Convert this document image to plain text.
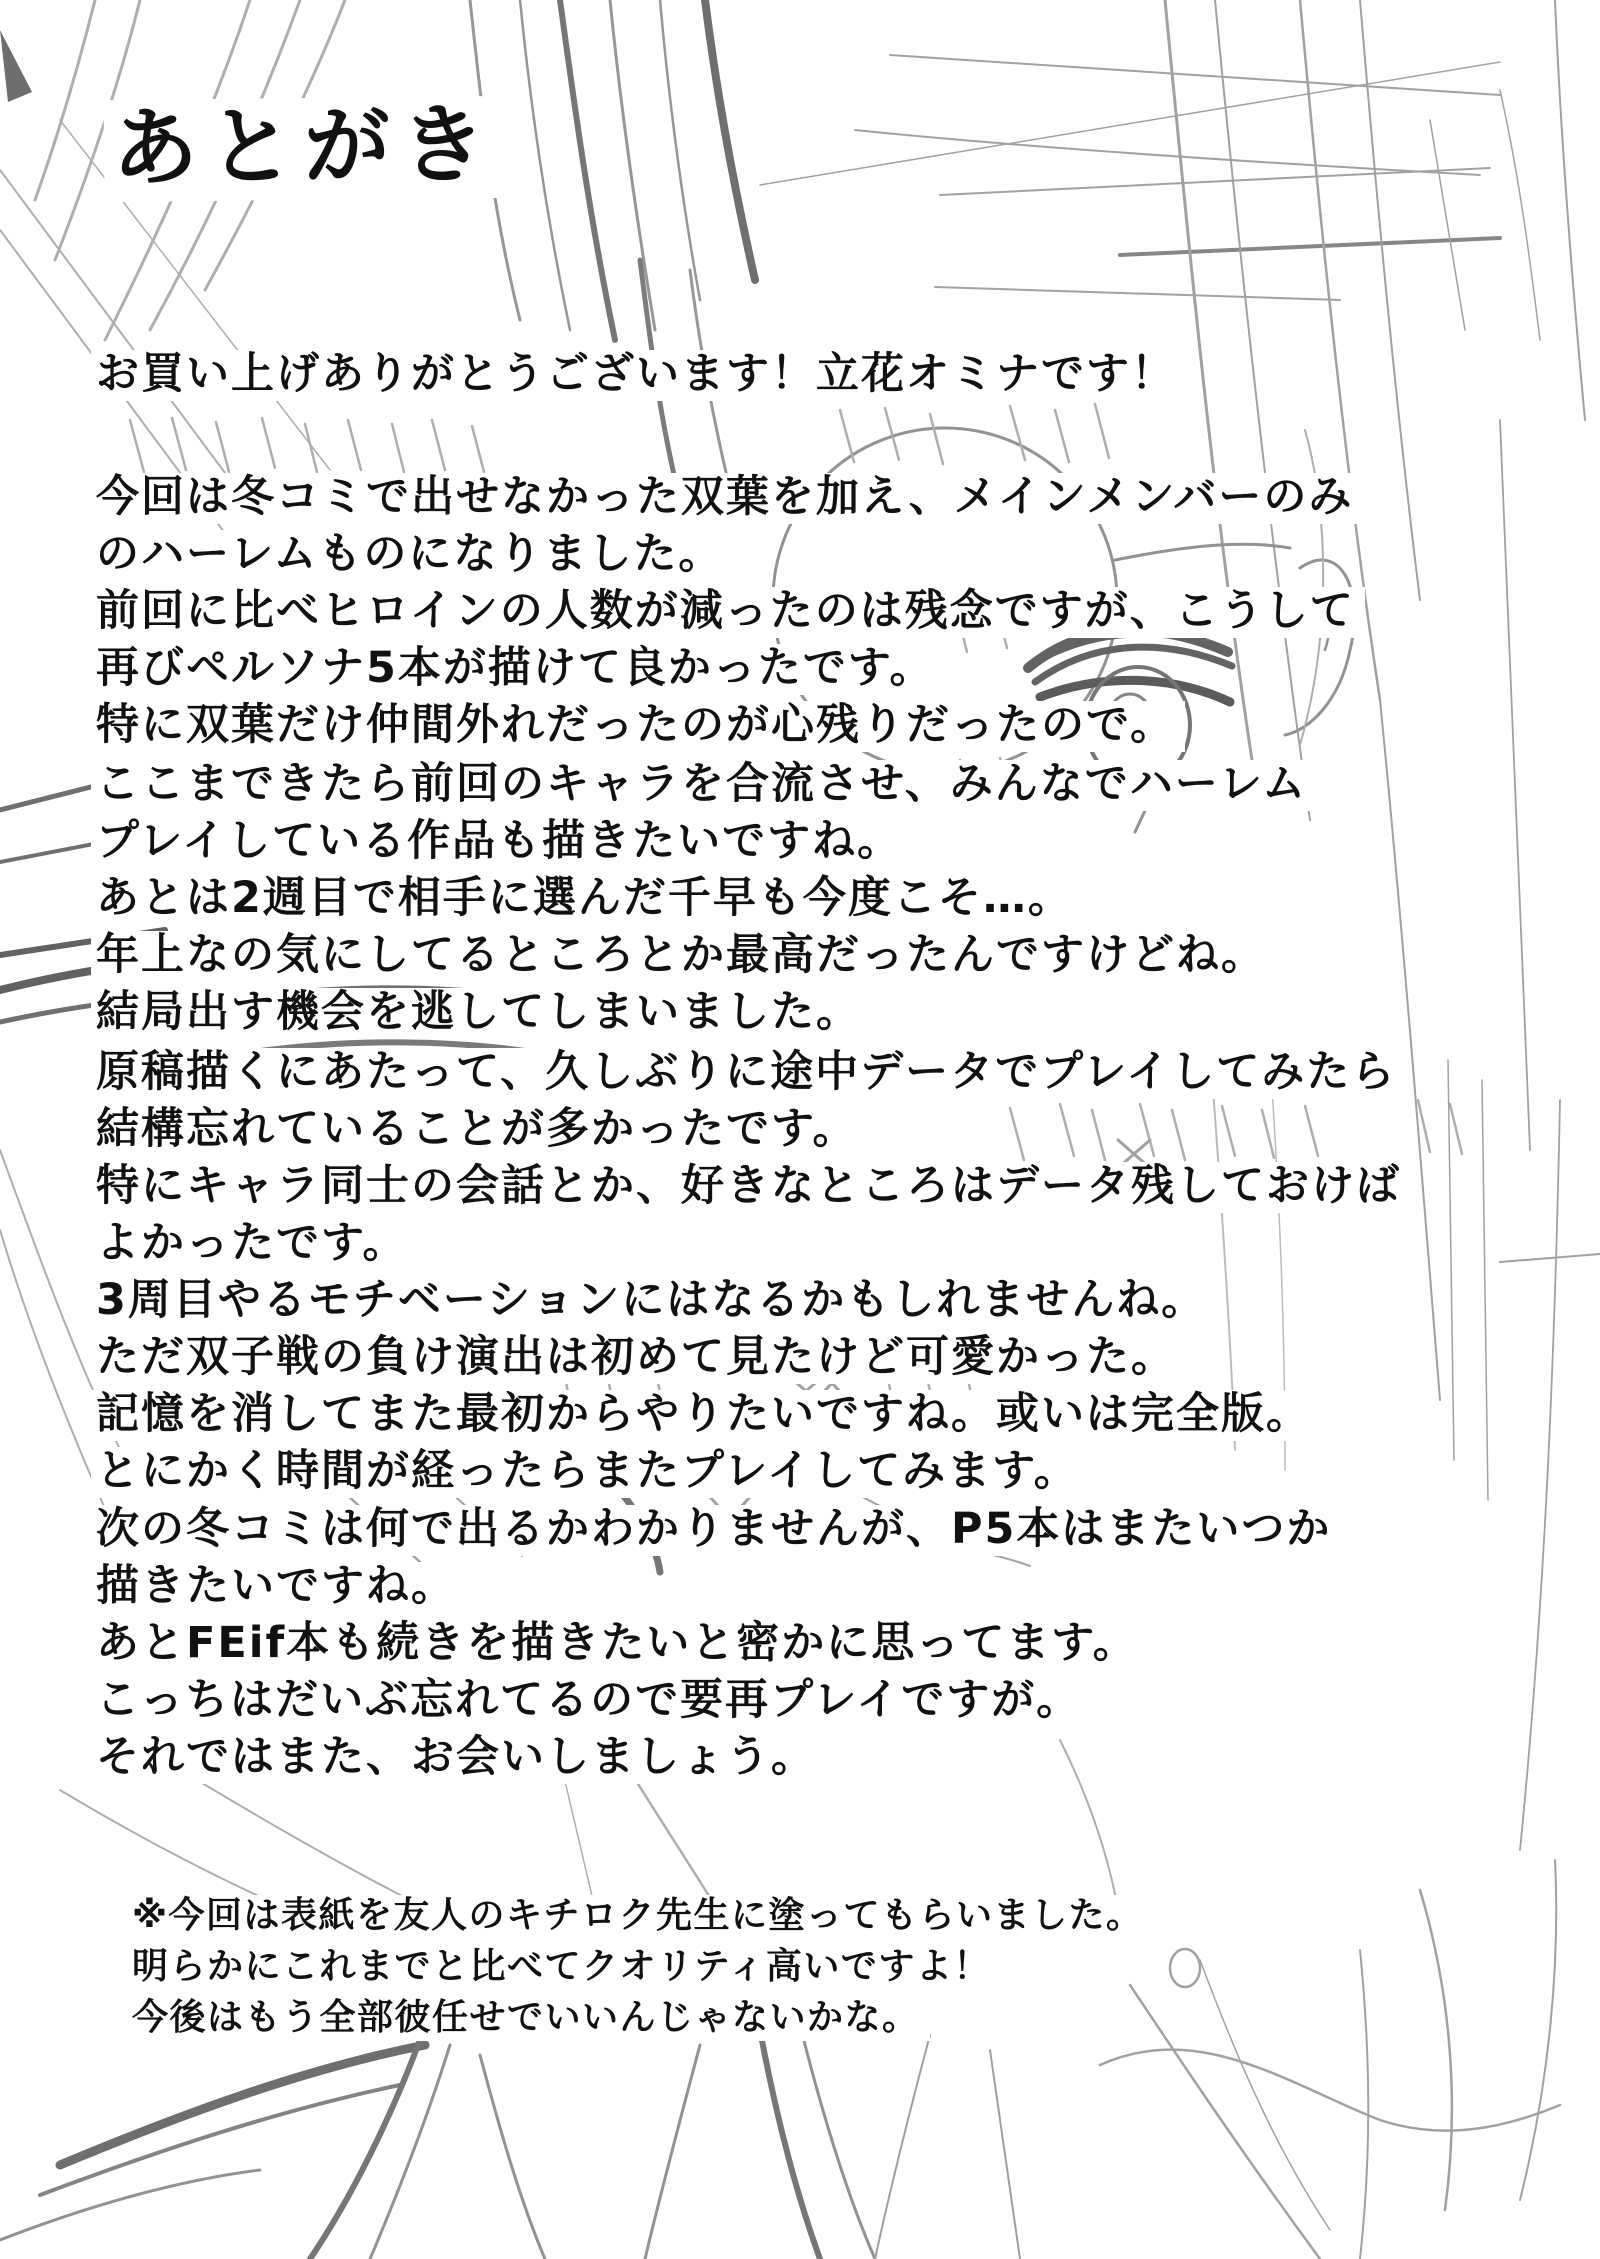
あとがき
お買い上げありがとうございます！立花オミナです！
今回は冬コミで出せなかった双葉を加え、メインメンバーのみ
のハーレムものになりました。
前回に比べヒロインの人数が減ったのは残念ですが、こうして
再びペルソナ5本が描けて良かったです。
特に双葉だけ仲間外れだったのが心残りだったので。
ここまできたら前回のキャラを合流させ、みんなでハーレム
プレイしている作品も描きたいですね。
あとは2週目で相手に選んだ千早も今度こそ…。
年上なの気にしてるところとか最高だったんですけどね。
結局出す機会を逃してしまいました。
原稿描くにあたって、久しぶりに途中データでプレイしてみたら
結構忘れていることが多かったです。
特にキャラ同士の会話とか、好きなところはデータ残しておけば
よかったです。
3周目やるモチベーションにはなるかもしれませんね。
ただ双子戦の負け演出は初めて見たけど可愛かった。
記憶を消してまた最初からやりたいですね。或いは完全版。
とにかく時間が経ったらまたプレイしてみます。
次の冬コミは何で出るかわかりませんが、P5本はまたいつか
描きたいですね。
あとFEif本も続きを描きたいと密かに思ってます。
こっちはだいぶ忘れてるので要再プレイですが。
それではまた、お会いしましょう。
※今回は表紙を友人のキチロク先生に塗ってもらいました。
明らかにこれまでと比べてクオリティ高いですよ！
今後はもう全部彼任せでいいんじゃないかな。
